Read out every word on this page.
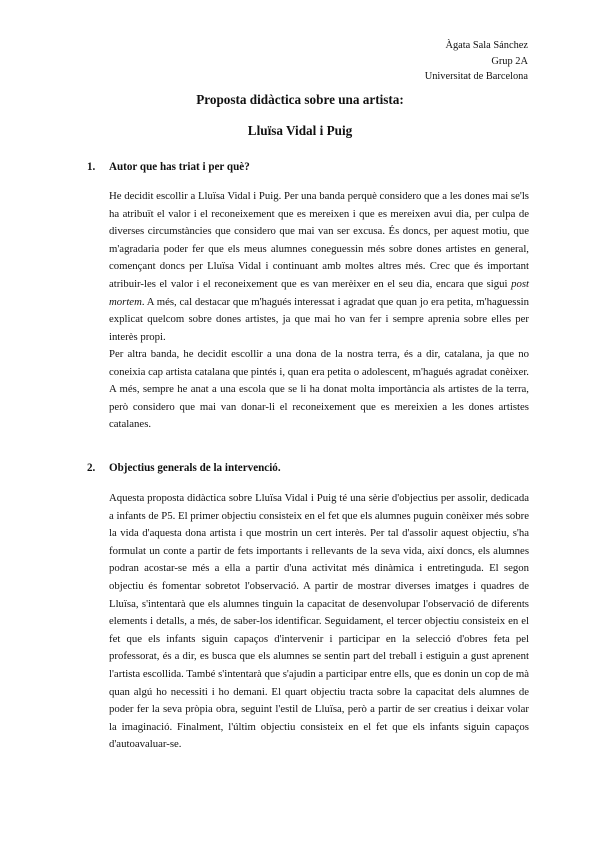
Àgata Sala Sánchez
Grup 2A
Universitat de Barcelona
Proposta didàctica sobre una artista:
Lluïsa Vidal i Puig
1. Autor que has triat i per què?

He decidit escollir a Lluïsa Vidal i Puig. Per una banda perquè considero que a les dones mai se'ls ha atribuït el valor i el reconeixement que es mereixen i que es mereixen avui dia, per culpa de diverses circumstàncies que considero que mai van ser excusa. És doncs, per aquest motiu, que m'agradaria poder fer que els meus alumnes coneguessin més sobre dones artistes en general, començant doncs per Lluïsa Vidal i continuant amb moltes altres més. Crec que és important atribuir-les el valor i el reconeixement que es van merèixer en el seu dia, encara que sigui post mortem. A més, cal destacar que m'hagués interessat i agradat que quan jo era petita, m'haguessin explicat quelcom sobre dones artistes, ja que mai ho van fer i sempre aprenia sobre elles per interès propi.

Per altra banda, he decidit escollir a una dona de la nostra terra, és a dir, catalana, ja que no coneixia cap artista catalana que pintés i, quan era petita o adolescent, m'hagués agradat conèixer. A més, sempre he anat a una escola que se li ha donat molta importància als artistes de la terra, però considero que mai van donar-li el reconeixement que es mereixien a les dones artistes catalanes.

2. Objectius generals de la intervenció.

Aquesta proposta didàctica sobre Lluïsa Vidal i Puig té una sèrie d'objectius per assolir, dedicada a infants de P5. El primer objectiu consisteix en el fet que els alumnes puguin conèixer més sobre la vida d'aquesta dona artista i que mostrin un cert interès. Per tal d'assolir aquest objectiu, s'ha formulat un conte a partir de fets importants i rellevants de la seva vida, així doncs, els alumnes podran acostar-se més a ella a partir d'una activitat més dinàmica i entretinguda. El segon objectiu és fomentar sobretot l'observació. A partir de mostrar diverses imatges i quadres de Lluïsa, s'intentarà que els alumnes tinguin la capacitat de desenvolupar l'observació de diferents elements i detalls, a més, de saber-los identificar. Seguidament, el tercer objectiu consisteix en el fet que els infants siguin capaços d'intervenir i participar en la selecció d'obres feta pel professorat, és a dir, es busca que els alumnes se sentin part del treball i estiguin a gust aprenent l'artista escollida. També s'intentarà que s'ajudin a participar entre ells, que es donin un cop de mà quan algú ho necessiti i ho demani. El quart objectiu tracta sobre la capacitat dels alumnes de poder fer la seva pròpia obra, seguint l'estil de Lluïsa, però a partir de ser creatius i deixar volar la imaginació. Finalment, l'últim objectiu consisteix en el fet que els infants siguin capaços d'autoavaluar-se.
